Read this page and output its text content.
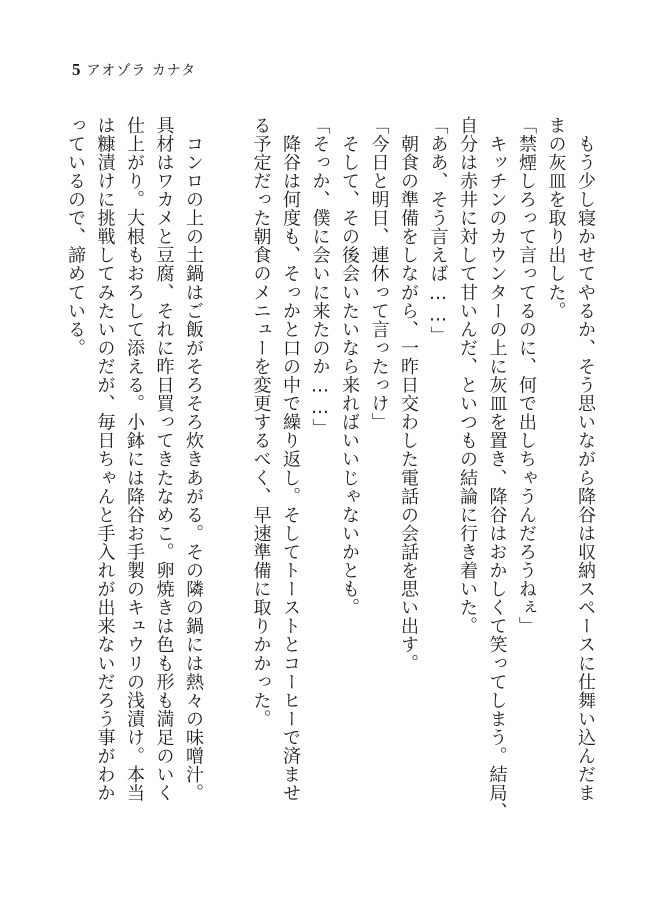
5 アオゾラ カナタ
　もう少し寝かせてやるか、そう思いながら降谷は収納スペースに仕舞い込んだま
まの灰皿を取り出した。
「禁煙しろって言ってるのに、何で出しちゃうんだろうねぇ」
　キッチンのカウンターの上に灰皿を置き、降谷はおかしくて笑ってしまう。結局、
自分は赤井に対して甘いんだ、といつもの結論に行き着いた。
「ああ、そう言えば……」
　朝食の準備をしながら、一昨日交わした電話の会話を思い出す。
「今日と明日、連休って言ったっけ」
　そして、その後会いたいなら来ればいいじゃないかとも。
「そっか、僕に会いに来たのか……」
　降谷は何度も、そっかと口の中で繰り返し。そしてトーストとコーヒーで済ませ
る予定だった朝食のメニューを変更するべく、早速準備に取りかかった。
　コンロの上の土鍋はご飯がそろそろ炊きあがる。その隣の鍋には熱々の味噌汁。
具材はワカメと豆腐、それに昨日買ってきたなめこ。卵焼きは色も形も満足のいく
仕上がり。大根もおろして添える。小鉢には降谷お手製のキュウリの浅漬け。本当
は糠漬けに挑戦してみたいのだが、毎日ちゃんと手入れが出来ないだろう事がわか
っているので、諦めている。
